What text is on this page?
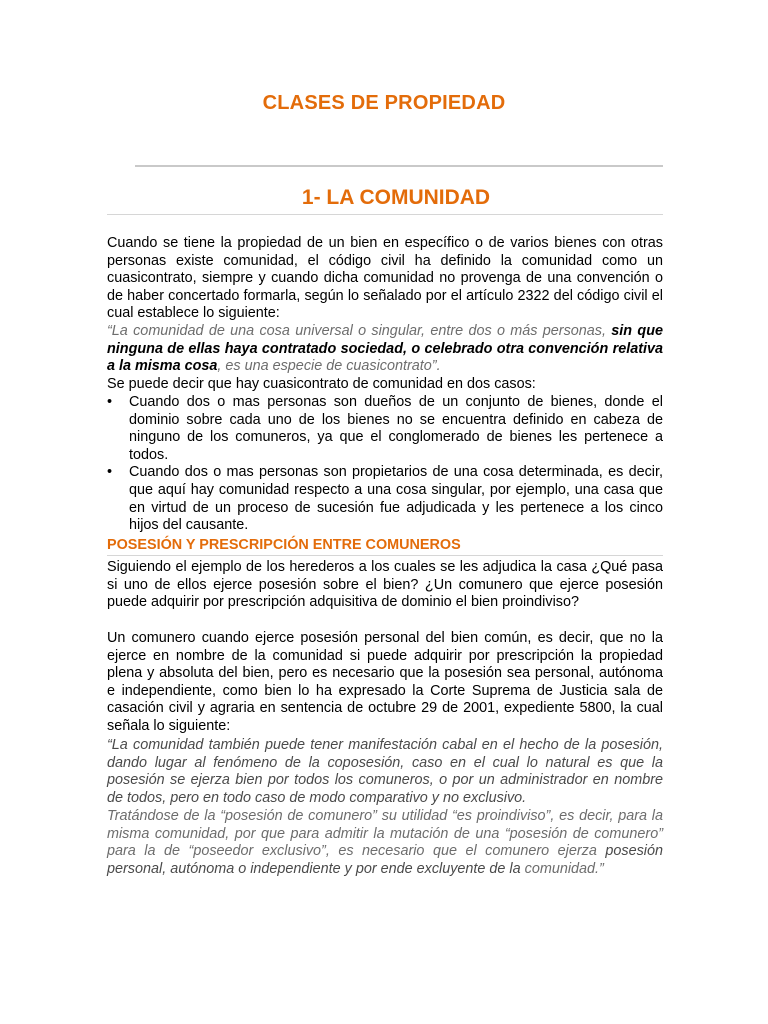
CLASES DE PROPIEDAD
1- LA COMUNIDAD

Cuando se tiene la propiedad de un bien en específico o de varios bienes con otras personas existe comunidad, el código civil ha definido la comunidad como un cuasicontrato, siempre y cuando dicha comunidad no provenga de una convención o de haber concertado formarla, según lo señalado por el artículo 2322 del código civil el cual establece lo siguiente:

“La comunidad de una cosa universal o singular, entre dos o más personas, sin que ninguna de ellas haya contratado sociedad, o celebrado otra convención relativa a la misma cosa, es una especie de cuasicontrato”.

Se puede decir que hay cuasicontrato de comunidad en dos casos:

•	Cuando dos o mas personas son dueños de un conjunto de bienes, donde el dominio sobre cada uno de los bienes no se encuentra definido en cabeza de ninguno de los comuneros, ya que el conglomerado de bienes les pertenece a todos.
•	Cuando dos o mas personas son propietarios de una cosa determinada, es decir, que aquí hay comunidad respecto a una cosa singular, por ejemplo, una casa que en virtud de un proceso de sucesión fue adjudicada y les pertenece a los cinco hijos del causante.
POSESIÓN Y PRESCRIPCIÓN ENTRE COMUNEROS

Siguiendo el ejemplo de los herederos a los cuales se les adjudica la casa ¿Qué pasa si uno de ellos ejerce posesión sobre el bien? ¿Un comunero que ejerce posesión puede adquirir por prescripción adquisitiva de dominio el bien proindiviso?

Un comunero cuando ejerce posesión personal del bien común, es decir, que no la ejerce en nombre de la comunidad si puede adquirir por prescripción la propiedad plena y absoluta del bien, pero es necesario que la posesión sea personal, autónoma e independiente, como bien lo ha expresado la Corte Suprema de Justicia sala de casación civil y agraria en sentencia de octubre 29 de 2001, expediente 5800, la cual señala lo siguiente:

“La comunidad también puede tener manifestación cabal en el hecho de la posesión, dando lugar al fenómeno de la coposesión, caso en el cual lo natural es que la posesión se ejerza bien por todos los comuneros, o por un administrador en nombre de todos, pero en todo caso de modo comparativo y no exclusivo.

Tratándose de la “posesión de comunero” su utilidad “es proindiviso”, es decir, para la misma comunidad, por que para admitir la mutación de una “posesión de comunero” para la de “poseedor exclusivo”, es necesario que el comunero ejerza posesión personal, autónoma o independiente y por ende excluyente de la comunidad.”
